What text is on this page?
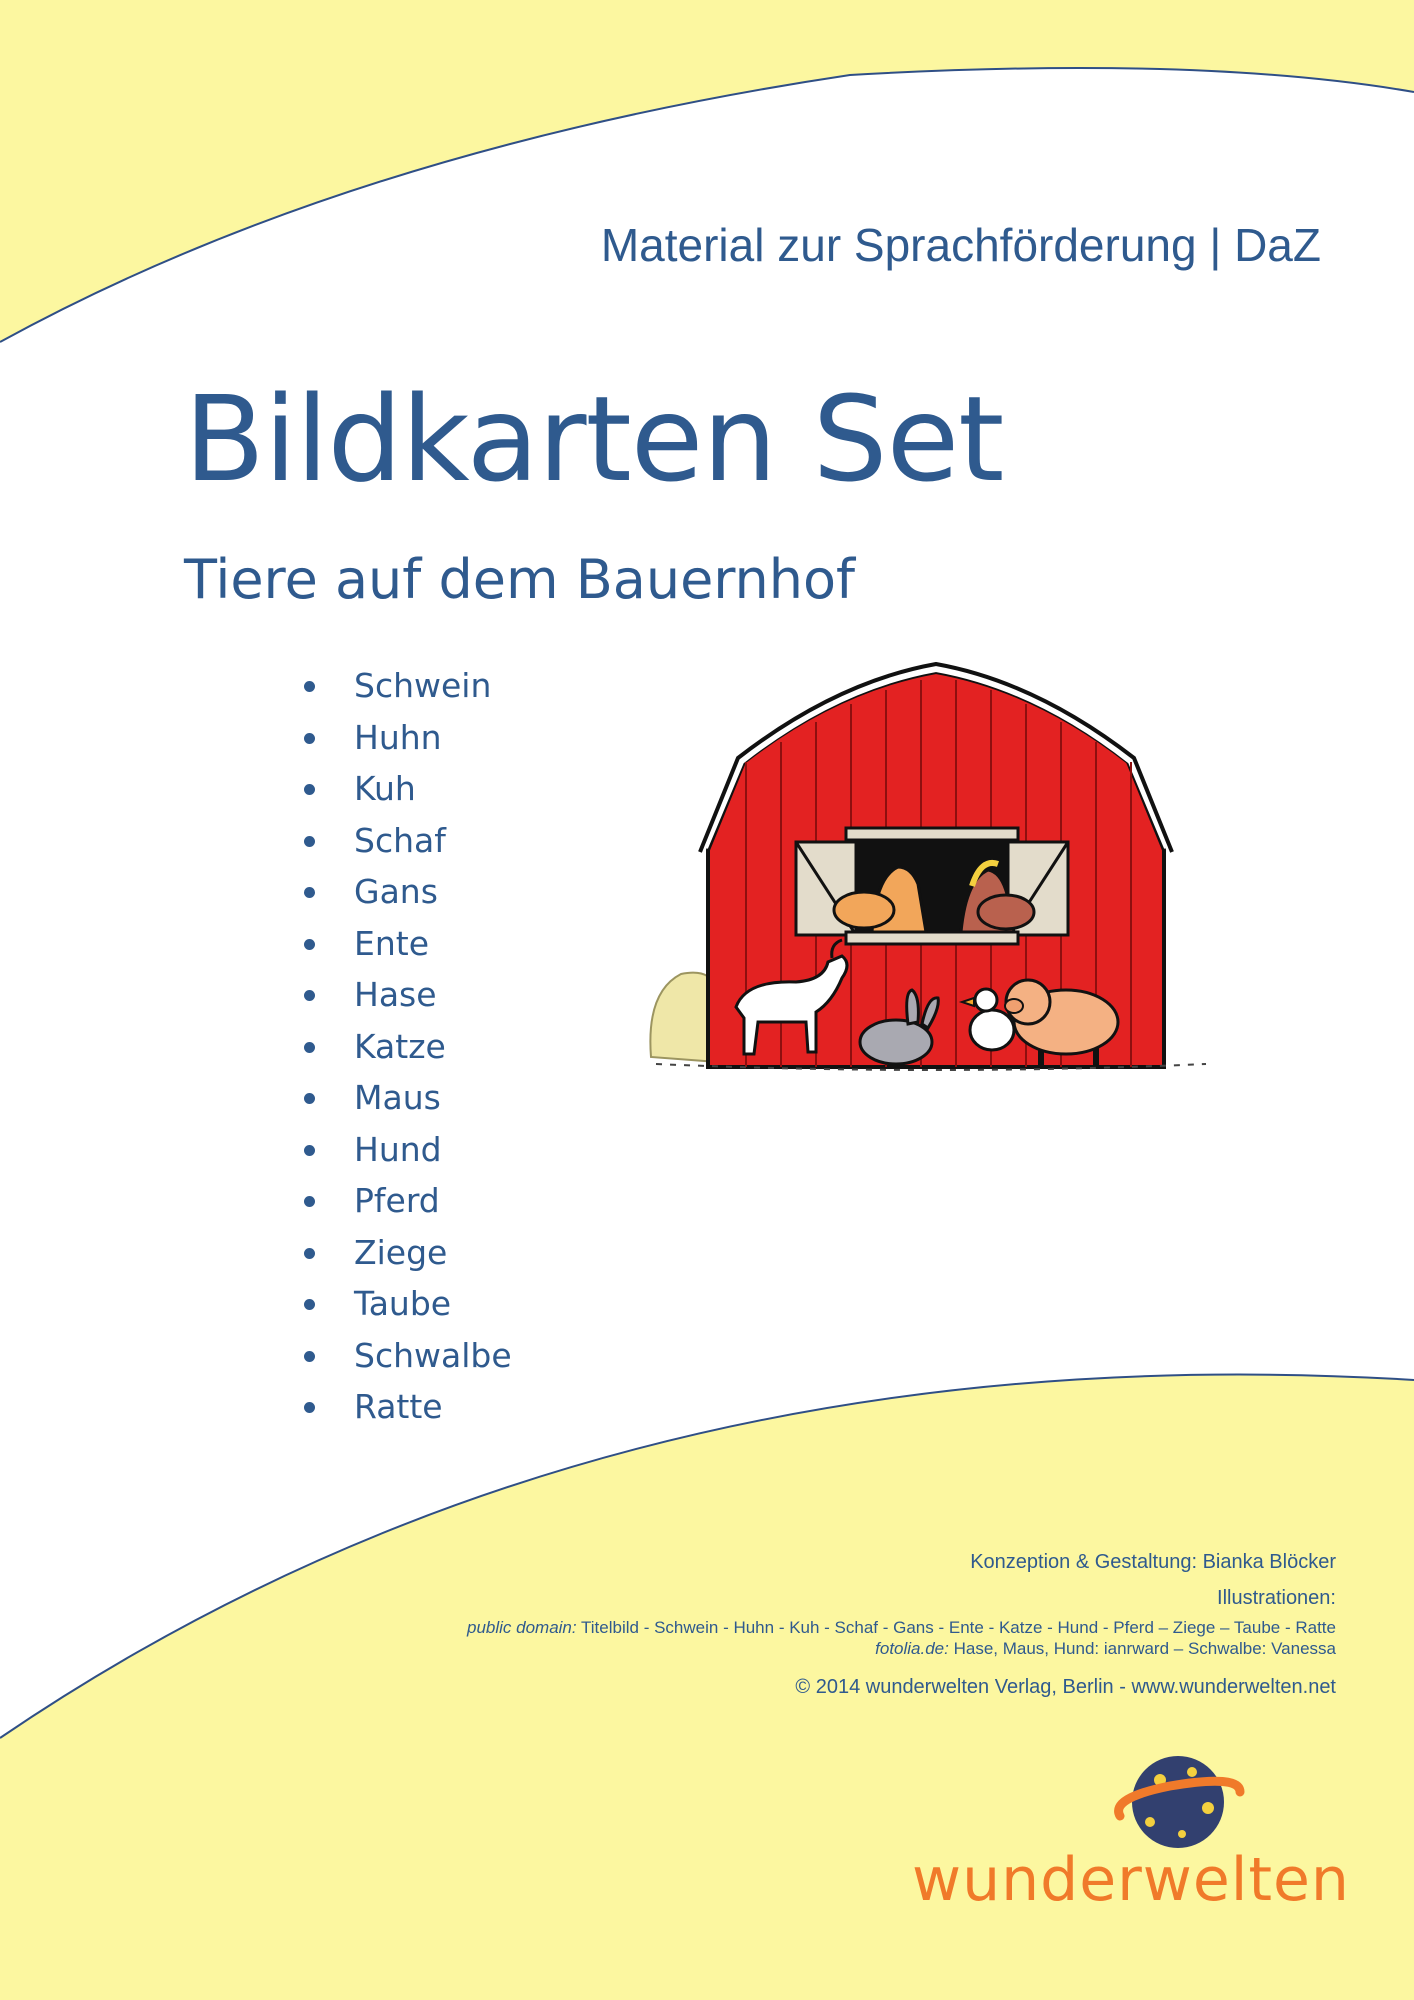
Material zur Sprachförderung | DaZ
Bildkarten Set
Tiere auf dem Bauernhof
Schwein
Huhn
Kuh
Schaf
Gans
Ente
Hase
Katze
Maus
Hund
Pferd
Ziege
Taube
Schwalbe
Ratte
Konzeption & Gestaltung: Bianka Blöcker
Illustrationen:
public domain: Titelbild - Schwein - Huhn - Kuh - Schaf - Gans - Ente - Katze - Hund - Pferd – Ziege – Taube - Ratte
fotolia.de: Hase, Maus, Hund: ianrward – Schwalbe: Vanessa
© 2014 wunderwelten Verlag, Berlin - www.wunderwelten.net
wunderwelten
